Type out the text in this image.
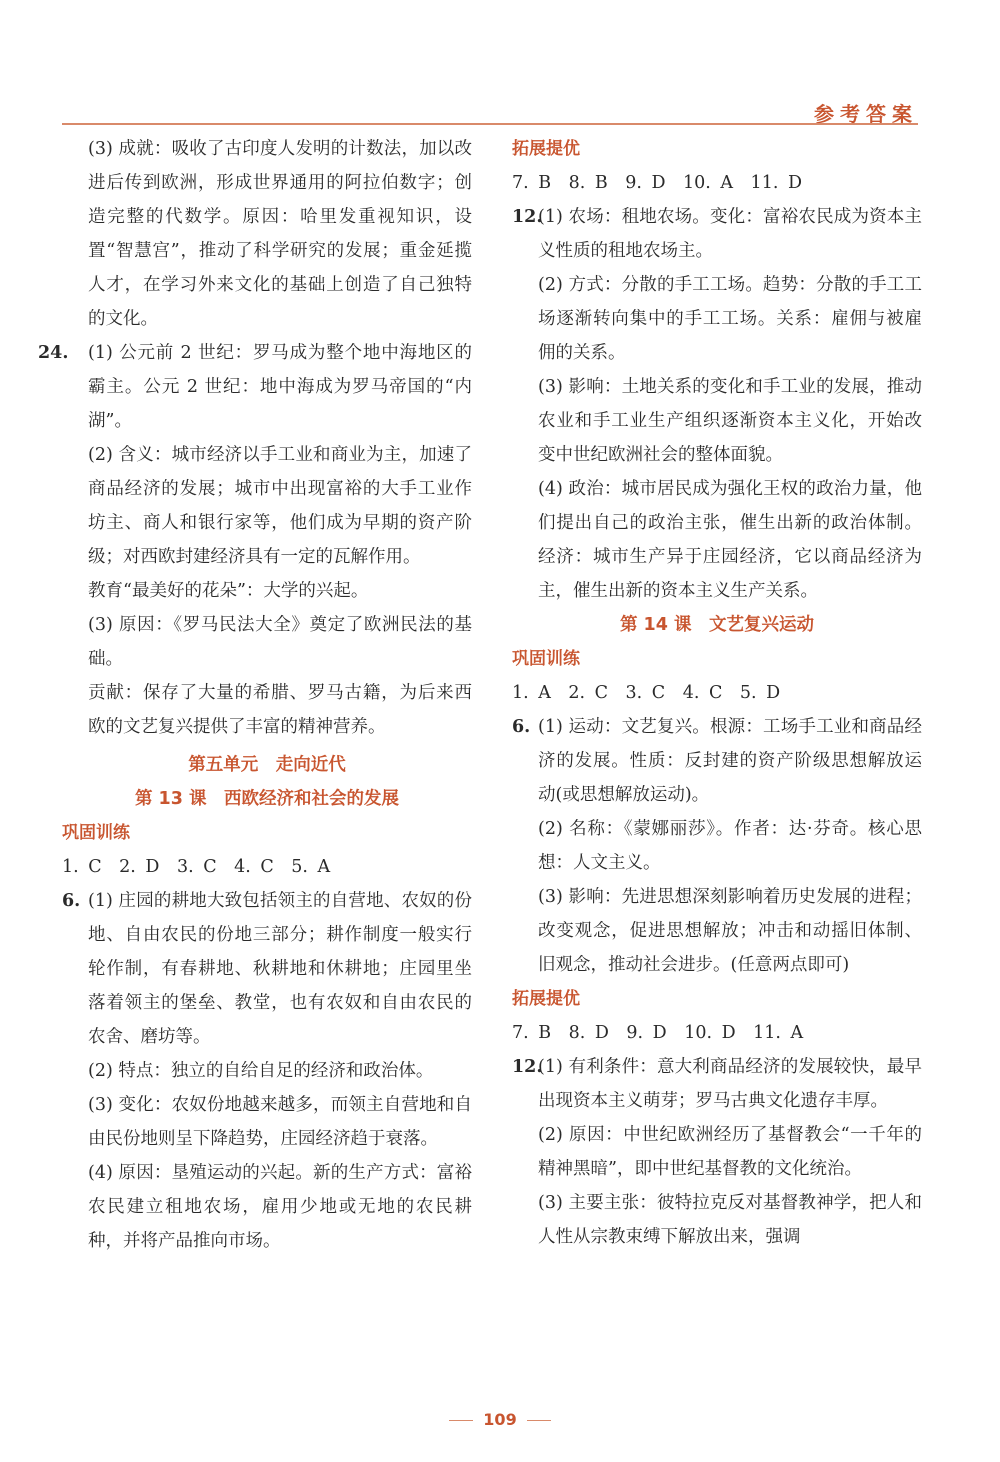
参考答案

(3) 成就：吸收了古印度人发明的计数法，加以改进后传到欧洲，形成世界通用的阿拉伯数字；创造完整的代数学。原因：哈里发重视知识，设置“智慧宫”，推动了科学研究的发展；重金延揽人才，在学习外来文化的基础上创造了自己独特的文化。

24.	(1) 公元前 2 世纪：罗马成为整个地中海地区的霸主。公元 2 世纪：地中海成为罗马帝国的“内湖”。

(2) 含义：城市经济以手工业和商业为主，加速了商品经济的发展；城市中出现富裕的大手工业作坊主、商人和银行家等，他们成为早期的资产阶级；对西欧封建经济具有一定的瓦解作用。

教育“最美好的花朵”：大学的兴起。

(3) 原因：《罗马民法大全》奠定了欧洲民法的基础。

贡献：保存了大量的希腊、罗马古籍，为后来西欧的文艺复兴提供了丰富的精神营养。

第五单元　走向近代

第 13 课　西欧经济和社会的发展

巩固训练

1. C　2. D　3. C　4. C　5. A

6. (1) 庄园的耕地大致包括领主的自营地、农奴的份地、自由农民的份地三部分；耕作制度一般实行轮作制，有春耕地、秋耕地和休耕地；庄园里坐落着领主的堡垒、教堂，也有农奴和自由农民的农舍、磨坊等。

(2) 特点：独立的自给自足的经济和政治体。

(3) 变化：农奴份地越来越多，而领主自营地和自由民份地则呈下降趋势，庄园经济趋于衰落。

(4) 原因：垦殖运动的兴起。新的生产方式：富裕农民建立租地农场，雇用少地或无地的农民耕种，并将产品推向市场。

拓展提优

7. B　8. B　9. D　10. A　11. D

12.

(1) 农场：租地农场。变化：富裕农民成为资本主义性质的租地农场主。

(2) 方式：分散的手工工场。趋势：分散的手工工场逐渐转向集中的手工工场。关系：雇佣与被雇佣的关系。

(3) 影响：土地关系的变化和手工业的发展，推动农业和手工业生产组织逐渐资本主义化，开始改变中世纪欧洲社会的整体面貌。

(4) 政治：城市居民成为强化王权的政治力量，他们提出自己的政治主张，催生出新的政治体制。经济：城市生产异于庄园经济，它以商品经济为主，催生出新的资本主义生产关系。

第 14 课　文艺复兴运动

巩固训练

1. A　2. C　3. C　4. C　5. D

6. (1) 运动：文艺复兴。根源：工场手工业和商品经济的发展。性质：反封建的资产阶级思想解放运动(或思想解放运动)。

(2) 名称：《蒙娜丽莎》。作者：达·芬奇。核心思想：人文主义。

(3) 影响：先进思想深刻影响着历史发展的进程；改变观念，促进思想解放；冲击和动摇旧体制、旧观念，推动社会进步。(任意两点即可)

拓展提优

7. B　8. D　9. D　10. D　11. A

12.

(1) 有利条件：意大利商品经济的发展较快，最早出现资本主义萌芽；罗马古典文化遗存丰厚。

(2) 原因：中世纪欧洲经历了基督教会“一千年的精神黑暗”，即中世纪基督教的文化统治。

(3) 主要主张：彼特拉克反对基督教神学，把人和人性从宗教束缚下解放出来，强调

109
